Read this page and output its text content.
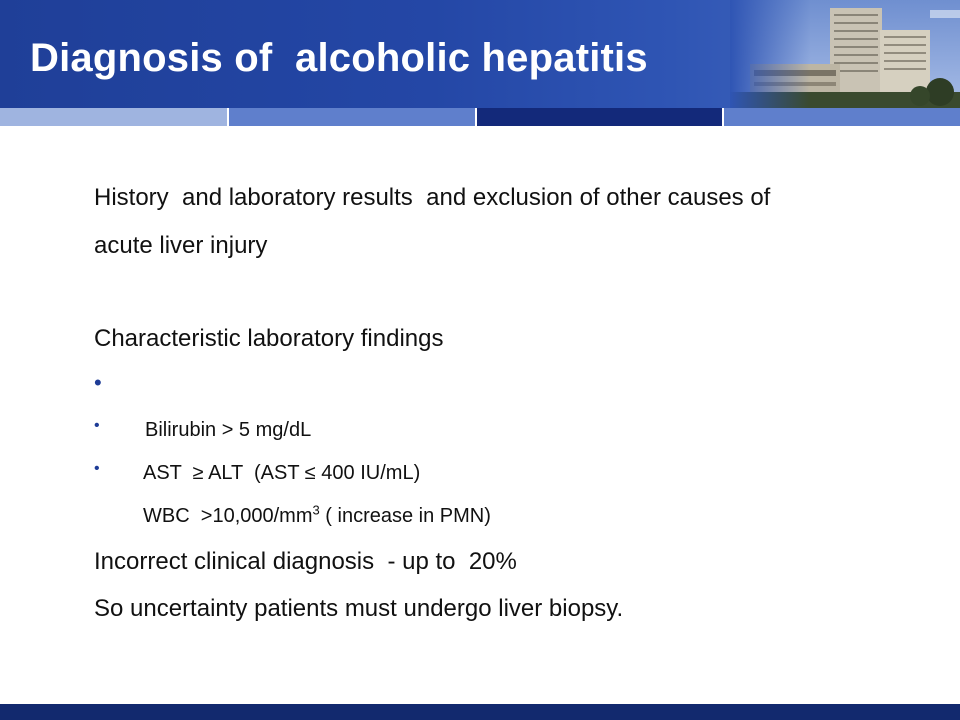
Diagnosis of  alcoholic hepatitis
History  and laboratory results  and exclusion of other causes of
acute liver injury
Characteristic laboratory findings

•

Bilirubin > 5 mg/dL

•

AST  ≥ ALT  (AST ≤ 400 IU/mL)

•

WBC  $>10,000/mm^3$ ( increase in PMN)

Incorrect clinical diagnosis  - up to  20%
So uncertainty patients must undergo liver biopsy.
